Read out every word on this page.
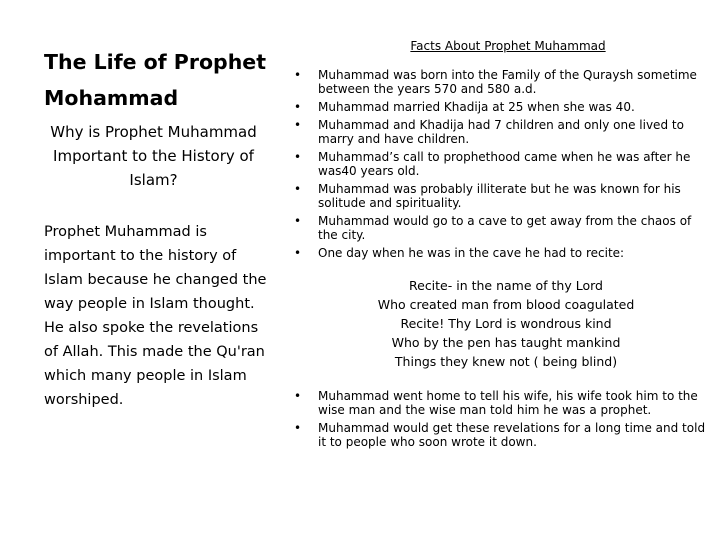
The Life of Prophet Mohammad

Why is Prophet Muhammad Important to the History of Islam?

Prophet Muhammad is important to the history of Islam because he changed the way people in Islam thought. He also spoke the revelations of Allah. This made the Qu'ran which many people in Islam worshiped.

Facts About Prophet Muhammad

• Muhammad was born into the Family of the Quraysh sometime between the years 570 and 580 a.d.
• Muhammad married Khadija at 25 when she was 40.
• Muhammad and Khadija had 7 children and only one lived to marry and have children.
• Muhammad’s call to prophethood came when he was after he was40 years old.
• Muhammad was probably illiterate but he was known for his solitude and spirituality.
• Muhammad would go to a cave to get away from the chaos of the city.
• One day when he was in the cave he had to recite:
Recite- in the name of thy Lord
Who created man from blood coagulated
Recite! Thy Lord is wondrous kind
Who by the pen has taught mankind
Things they knew not ( being blind)
• Muhammad went home to tell his wife, his wife took him to the wise man and the wise man told him he was a prophet.
• Muhammad would get these revelations for a long time and told it to people who soon wrote it down.
